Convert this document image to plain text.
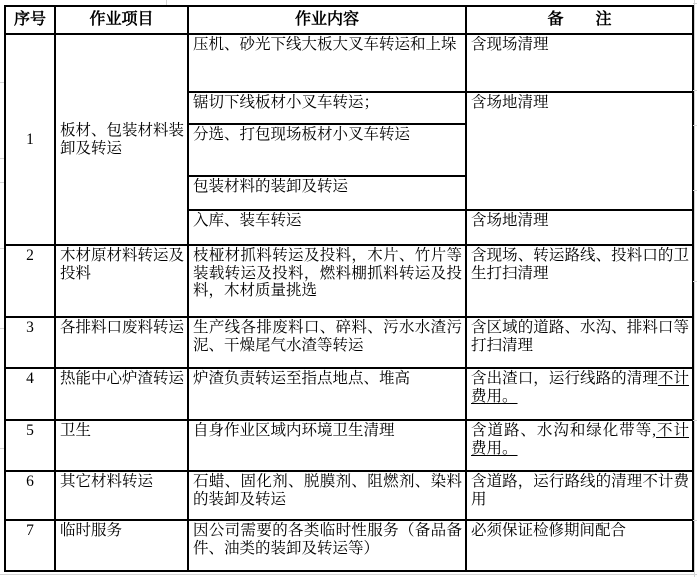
序号	作业项目	作业内容	备　　注
1	板材、包装材料装卸及转运	压机、砂光下线大板大叉车转运和上垛	含现场清理
		锯切下线板材小叉车转运；	含场地清理
		分选、打包现场板材小叉车转运	
		包装材料的装卸及转运	
		入库、装车转运	含场地清理
2	木材原材料转运及投料	枝桠材抓料转运及投料，木片、竹片等装载转运及投料，燃料棚抓料转运及投料，木材质量挑选	含现场、转运路线、投料口的卫生打扫清理
3	各排料口废料转运	生产线各排废料口、碎料、污水水渣污泥、干燥尾气水渣等转运	含区域的道路、水沟、排料口等打扫清理
4	热能中心炉渣转运	炉渣负责转运至指点地点、堆高	含出渣口，运行线路的清理不计费用。
5	卫生	自身作业区域内环境卫生清理	含道路、水沟和绿化带等,不计费用。
6	其它材料转运	石蜡、固化剂、脱膜剂、阻燃剂、染料的装卸及转运	含道路，运行路线的清理不计费用
7	临时服务	因公司需要的各类临时性服务（备品备件、油类的装卸及转运等）	必须保证检修期间配合
